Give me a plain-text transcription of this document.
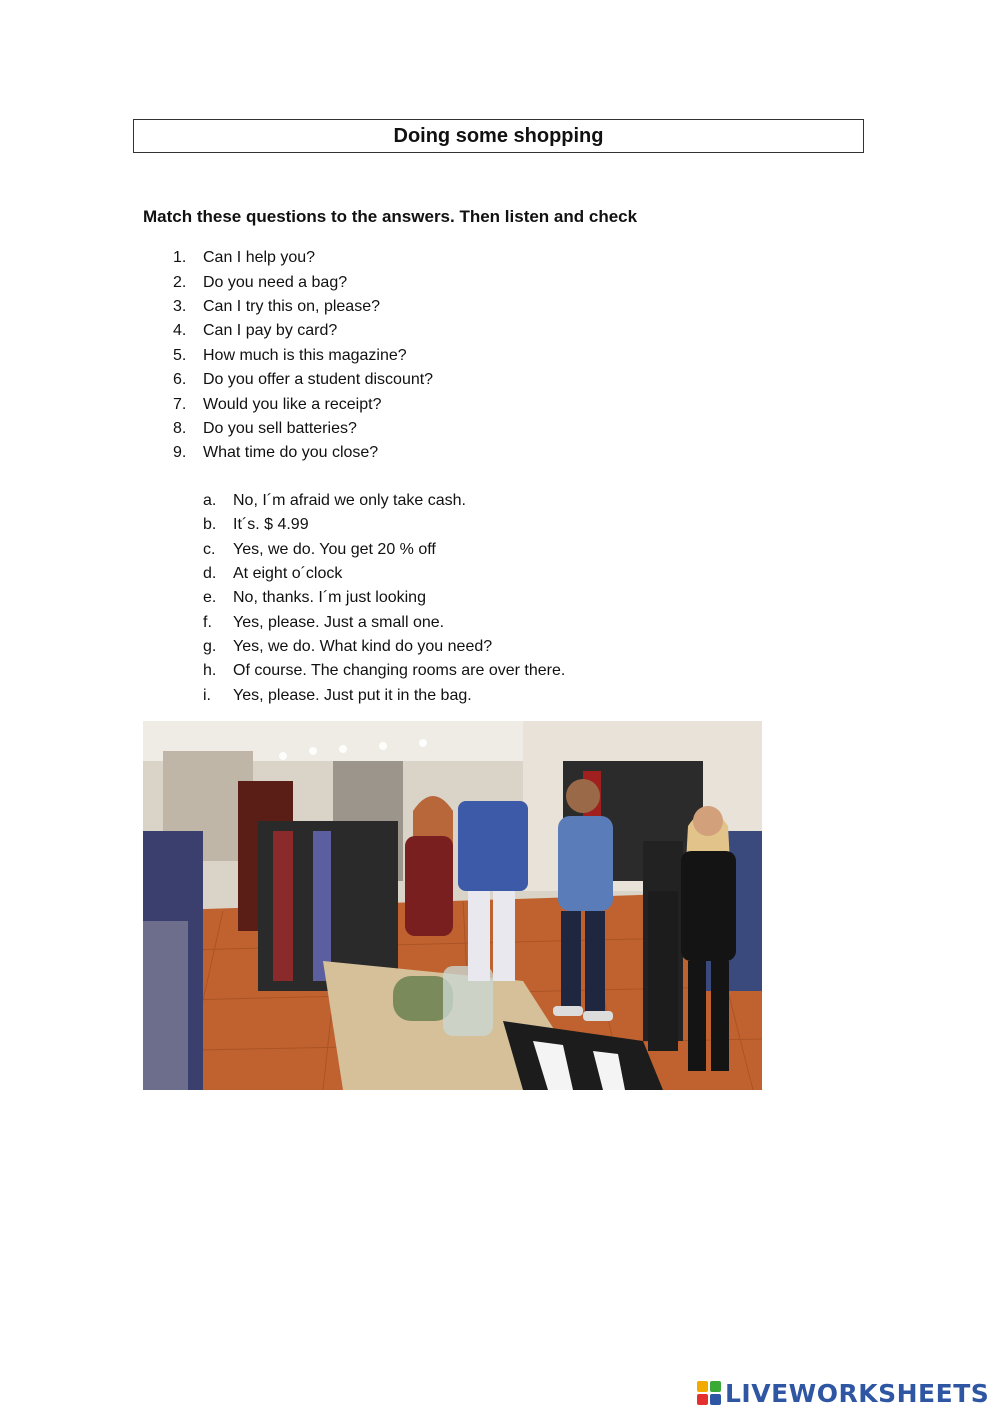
Doing some shopping
Match these questions to the answers. Then listen and check
1.	Can I help you?
2.	Do you need a bag?
3.	Can I try this on, please?
4.	Can I pay by card?
5.	How much is this magazine?
6.	Do you offer a student discount?
7.	Would you like a receipt?
8.	Do you sell batteries?
9.	What time do you close?
a.	No, I´m afraid we only take cash.
b.	It´s. $ 4.99
c.	Yes, we do. You get 20 % off
d.	At eight o´clock
e.	No, thanks. I´m just looking
f.	Yes, please. Just a small one.
g.	Yes, we do. What kind do you need?
h.	Of course. The changing rooms are over there.
i.	Yes, please. Just put it in the bag.
LIVEWORKSHEETS
